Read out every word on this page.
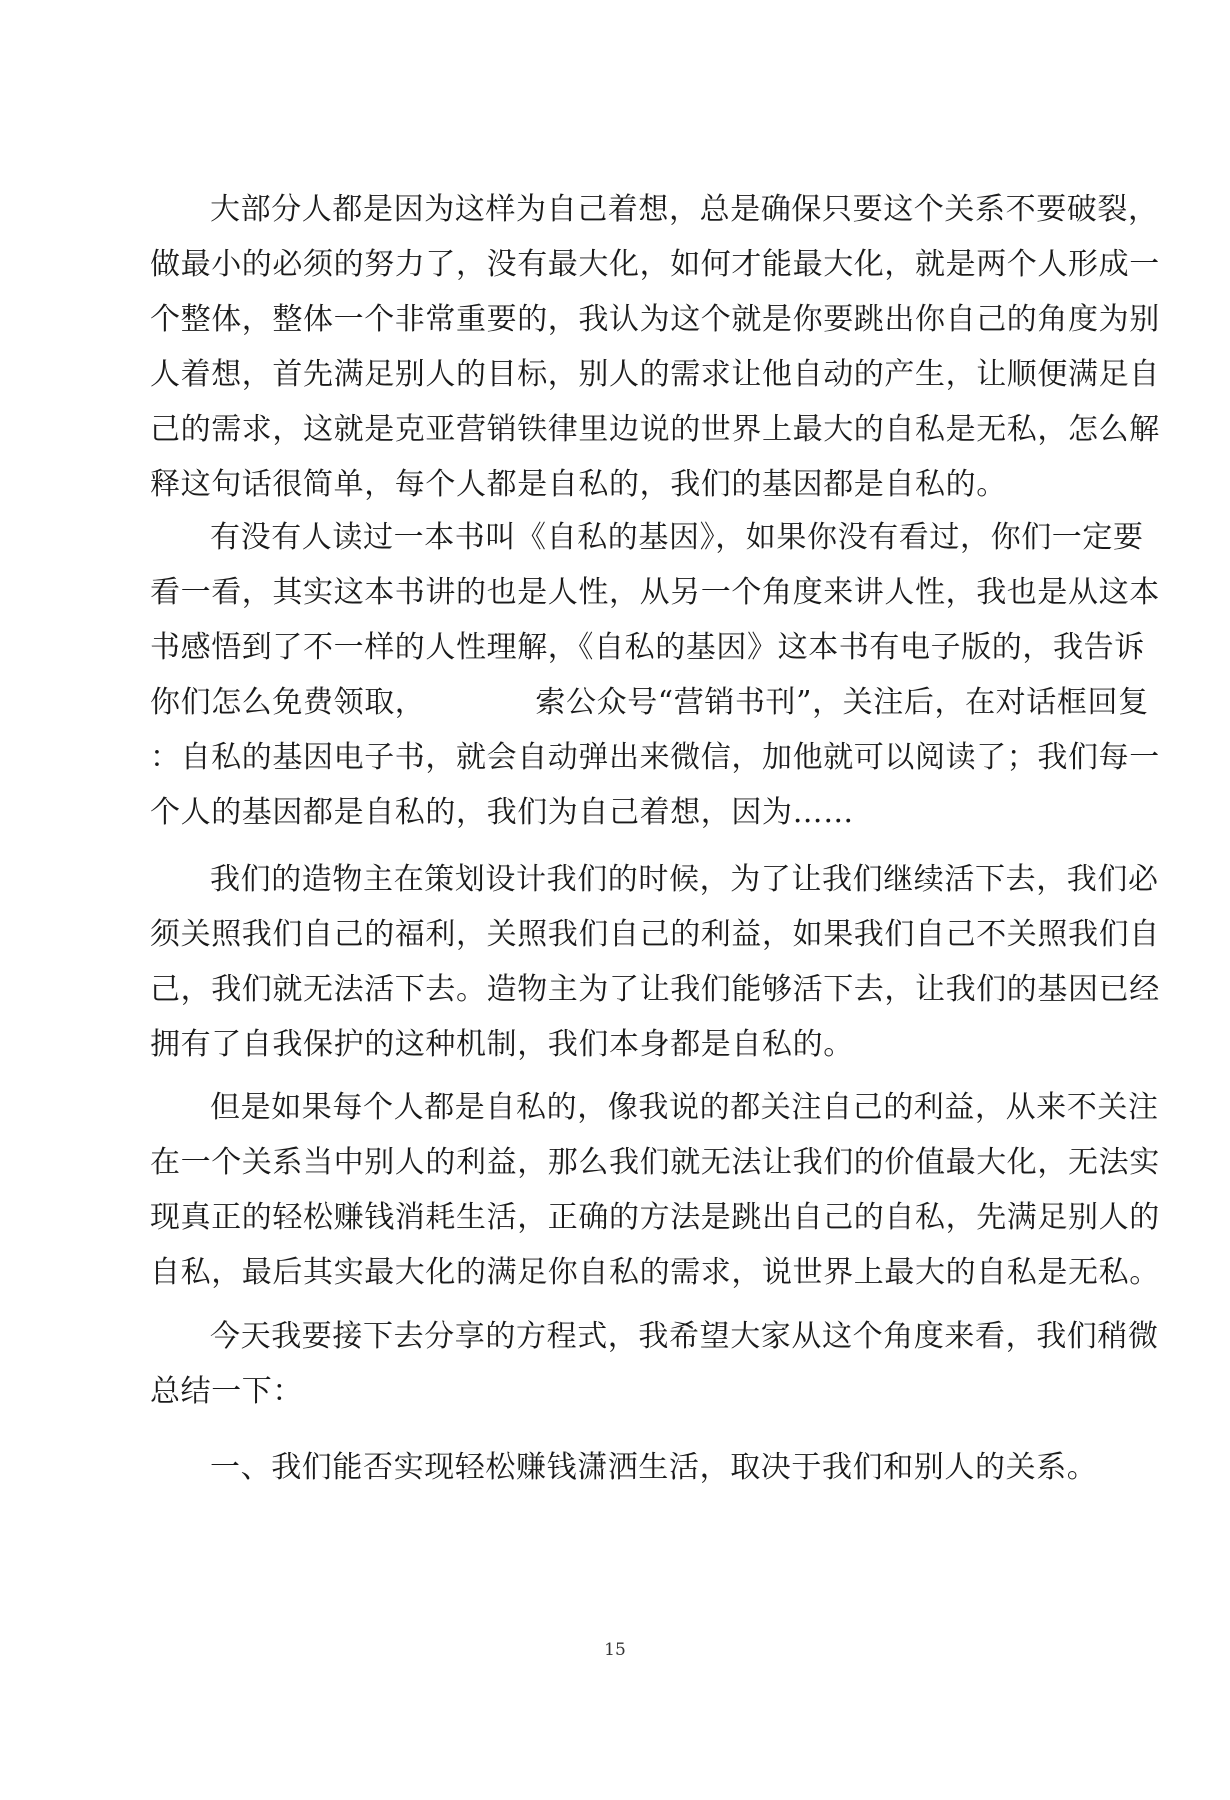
大部分人都是因为这样为自己着想，总是确保只要这个关系不要破裂，
做最小的必须的努力了，没有最大化，如何才能最大化，就是两个人形成一
个整体，整体一个非常重要的，我认为这个就是你要跳出你自己的角度为别
人着想，首先满足别人的目标，别人的需求让他自动的产生，让顺便满足自
己的需求，这就是克亚营销铁律里边说的世界上最大的自私是无私，怎么解
释这句话很简单，每个人都是自私的，我们的基因都是自私的。
有没有人读过一本书叫《自私的基因》，如果你没有看过，你们一定要
看一看，其实这本书讲的也是人性，从另一个角度来讲人性，我也是从这本
书感悟到了不一样的人性理解，《自私的基因》这本书有电子版的，我告诉
你们怎么免费领取，	索公众号“营销书刊”，关注后，在对话框回复
：自私的基因电子书，就会自动弹出来微信，加他就可以阅读了；我们每一
个人的基因都是自私的，我们为自己着想，因为……
我们的造物主在策划设计我们的时候，为了让我们继续活下去，我们必
须关照我们自己的福利，关照我们自己的利益，如果我们自己不关照我们自
己，我们就无法活下去。造物主为了让我们能够活下去，让我们的基因已经
拥有了自我保护的这种机制，我们本身都是自私的。
但是如果每个人都是自私的，像我说的都关注自己的利益，从来不关注
在一个关系当中别人的利益，那么我们就无法让我们的价值最大化，无法实
现真正的轻松赚钱消耗生活，正确的方法是跳出自己的自私，先满足别人的
自私，最后其实最大化的满足你自私的需求，说世界上最大的自私是无私。
今天我要接下去分享的方程式，我希望大家从这个角度来看，我们稍微
总结一下：
一、我们能否实现轻松赚钱潇洒生活，取决于我们和别人的关系。
15
